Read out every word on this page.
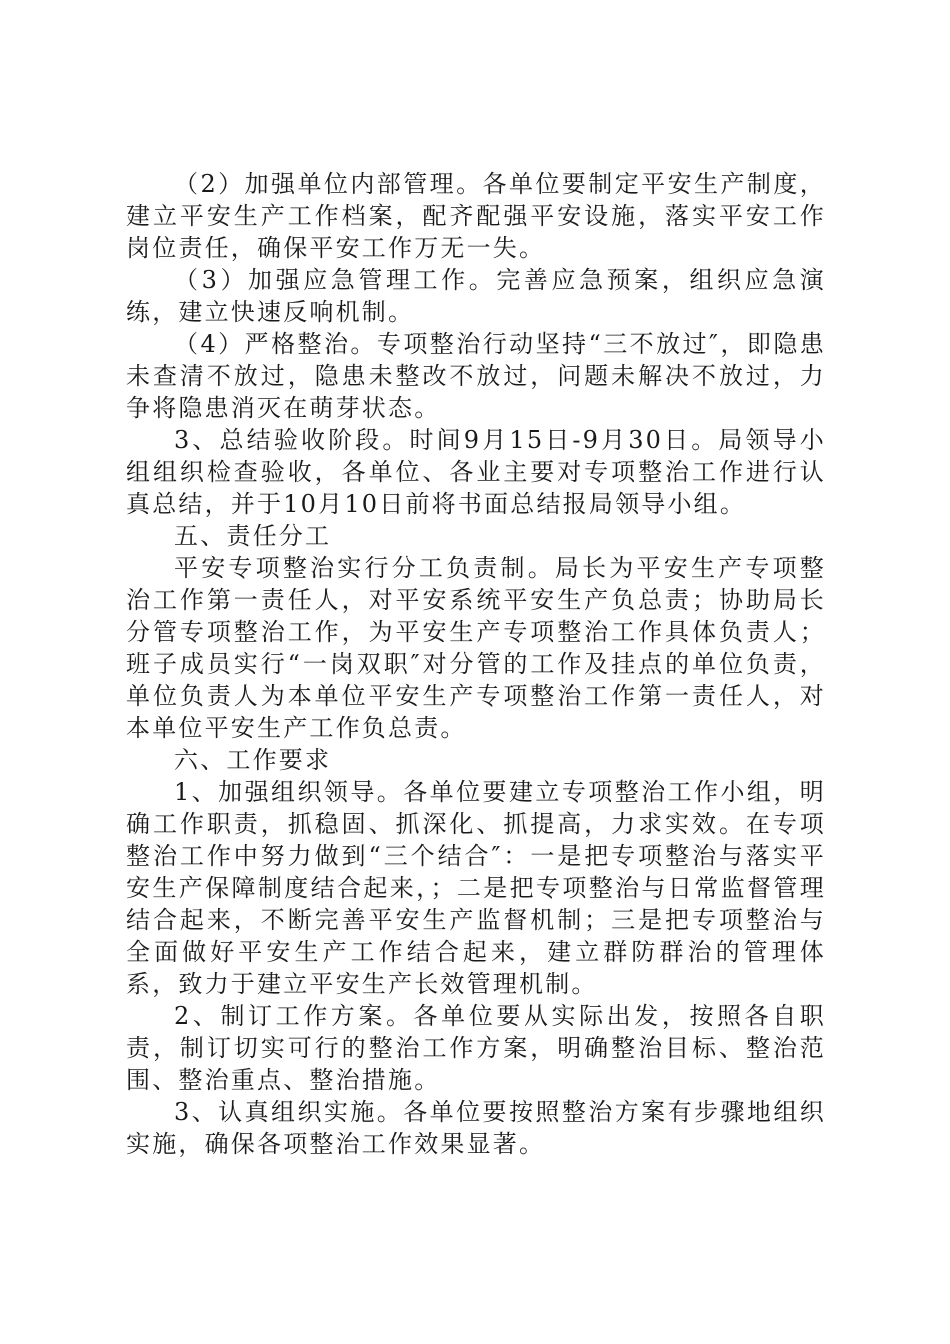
（2）加强单位内部管理。各单位要制定平安生产制度，建立平安生产工作档案，配齐配强平安设施，落实平安工作岗位责任，确保平安工作万无一失。

（3）加强应急管理工作。完善应急预案，组织应急演练，建立快速反响机制。

（4）严格整治。专项整治行动坚持“三不放过″，即隐患未查清不放过，隐患未整改不放过，问题未解决不放过，力争将隐患消灭在萌芽状态。

3、总结验收阶段。时间9月15日-9月30日。局领导小组组织检查验收，各单位、各业主要对专项整治工作进行认真总结，并于10月10日前将书面总结报局领导小组。

五、责任分工

平安专项整治实行分工负责制。局长为平安生产专项整治工作第一责任人，对平安系统平安生产负总责；协助局长分管专项整治工作，为平安生产专项整治工作具体负责人；班子成员实行“一岗双职″对分管的工作及挂点的单位负责，单位负责人为本单位平安生产专项整治工作第一责任人，对本单位平安生产工作负总责。

六、工作要求

1、加强组织领导。各单位要建立专项整治工作小组，明确工作职责，抓稳固、抓深化、抓提高，力求实效。在专项整治工作中努力做到“三个结合″：一是把专项整治与落实平安生产保障制度结合起来，；二是把专项整治与日常监督管理结合起来，不断完善平安生产监督机制；三是把专项整治与全面做好平安生产工作结合起来，建立群防群治的管理体系，致力于建立平安生产长效管理机制。

2、制订工作方案。各单位要从实际出发，按照各自职责，制订切实可行的整治工作方案，明确整治目标、整治范围、整治重点、整治措施。

3、认真组织实施。各单位要按照整治方案有步骤地组织实施，确保各项整治工作效果显著。
